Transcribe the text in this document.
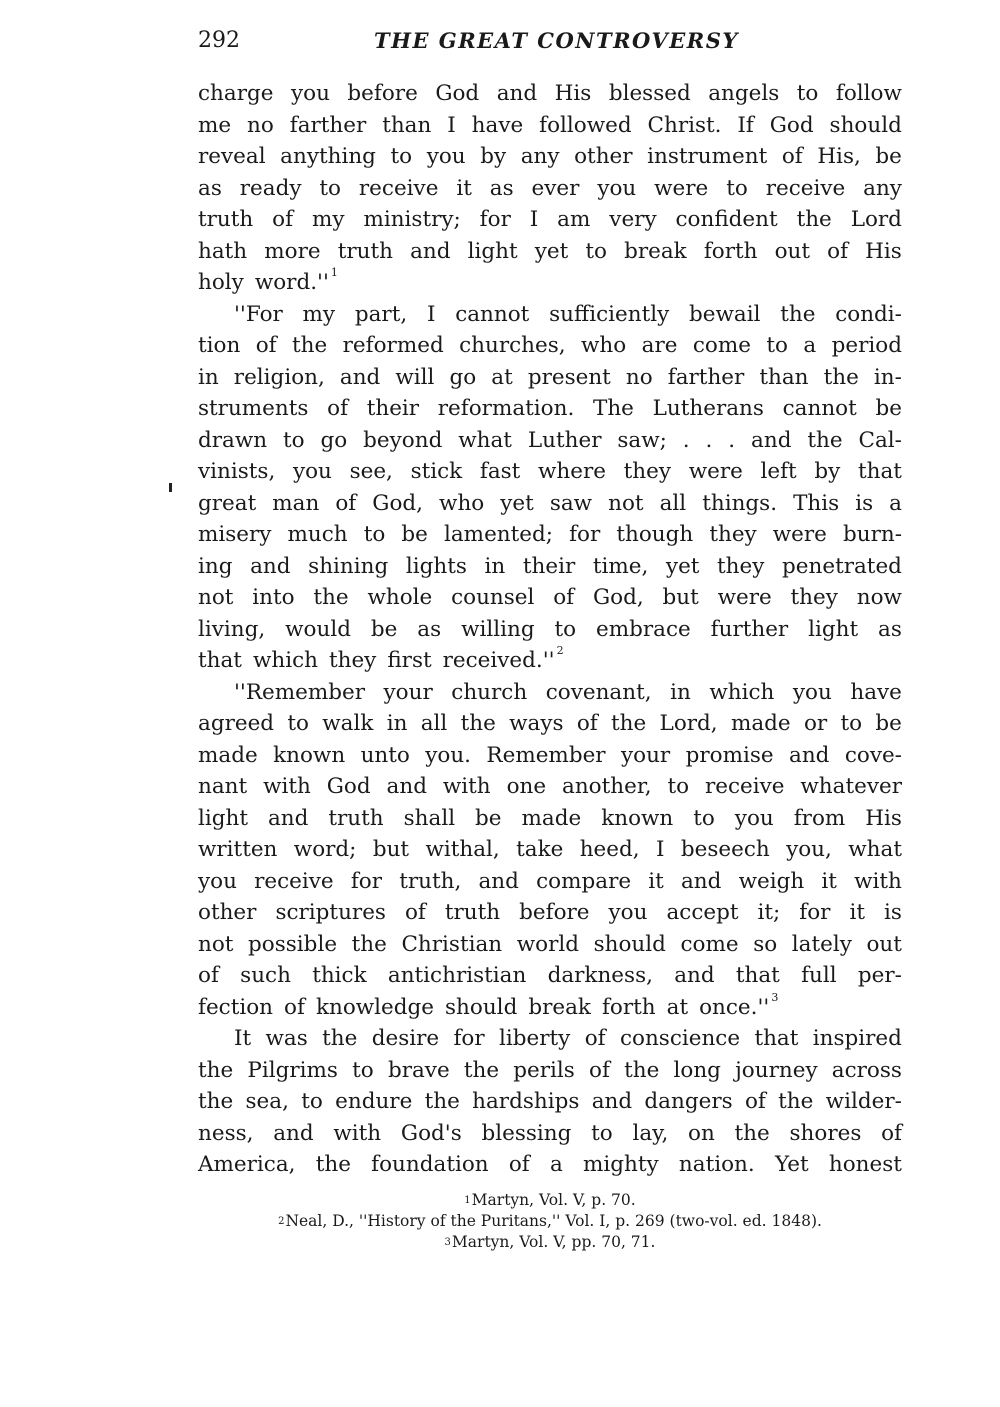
292	THE GREAT CONTROVERSY
charge you before God and His blessed angels to follow
me no farther than I have followed Christ. If God should
reveal anything to you by any other instrument of His, be
as ready to receive it as ever you were to receive any
truth of my ministry; for I am very confident the Lord
hath more truth and light yet to break forth out of His
holy word.'' $^1$
''For my part, I cannot sufficiently bewail the condi-
tion of the reformed churches, who are come to a period
in religion, and will go at present no farther than the in-
struments of their reformation. The Lutherans cannot be
drawn to go beyond what Luther saw; . . . and the Cal-
vinists, you see, stick fast where they were left by that
great man of God, who yet saw not all things. This is a
misery much to be lamented; for though they were burn-
ing and shining lights in their time, yet they penetrated
not into the whole counsel of God, but were they now
living, would be as willing to embrace further light as
that which they first received.'' $^2$
''Remember your church covenant, in which you have
agreed to walk in all the ways of the Lord, made or to be
made known unto you. Remember your promise and cove-
nant with God and with one another, to receive whatever
light and truth shall be made known to you from His
written word; but withal, take heed, I beseech you, what
you receive for truth, and compare it and weigh it with
other scriptures of truth before you accept it; for it is
not possible the Christian world should come so lately out
of such thick antichristian darkness, and that full per-
fection of knowledge should break forth at once.'' $^3$
It was the desire for liberty of conscience that inspired
the Pilgrims to brave the perils of the long journey across
the sea, to endure the hardships and dangers of the wilder-
ness, and with God's blessing to lay, on the shores of
America, the foundation of a mighty nation. Yet honest
$^1$Martyn, Vol. V, p. 70.
$^2$Neal, D., ''History of the Puritans,'' Vol. I, p. 269 (two-vol. ed. 1848).
$^3$Martyn, Vol. V, pp. 70, 71.
